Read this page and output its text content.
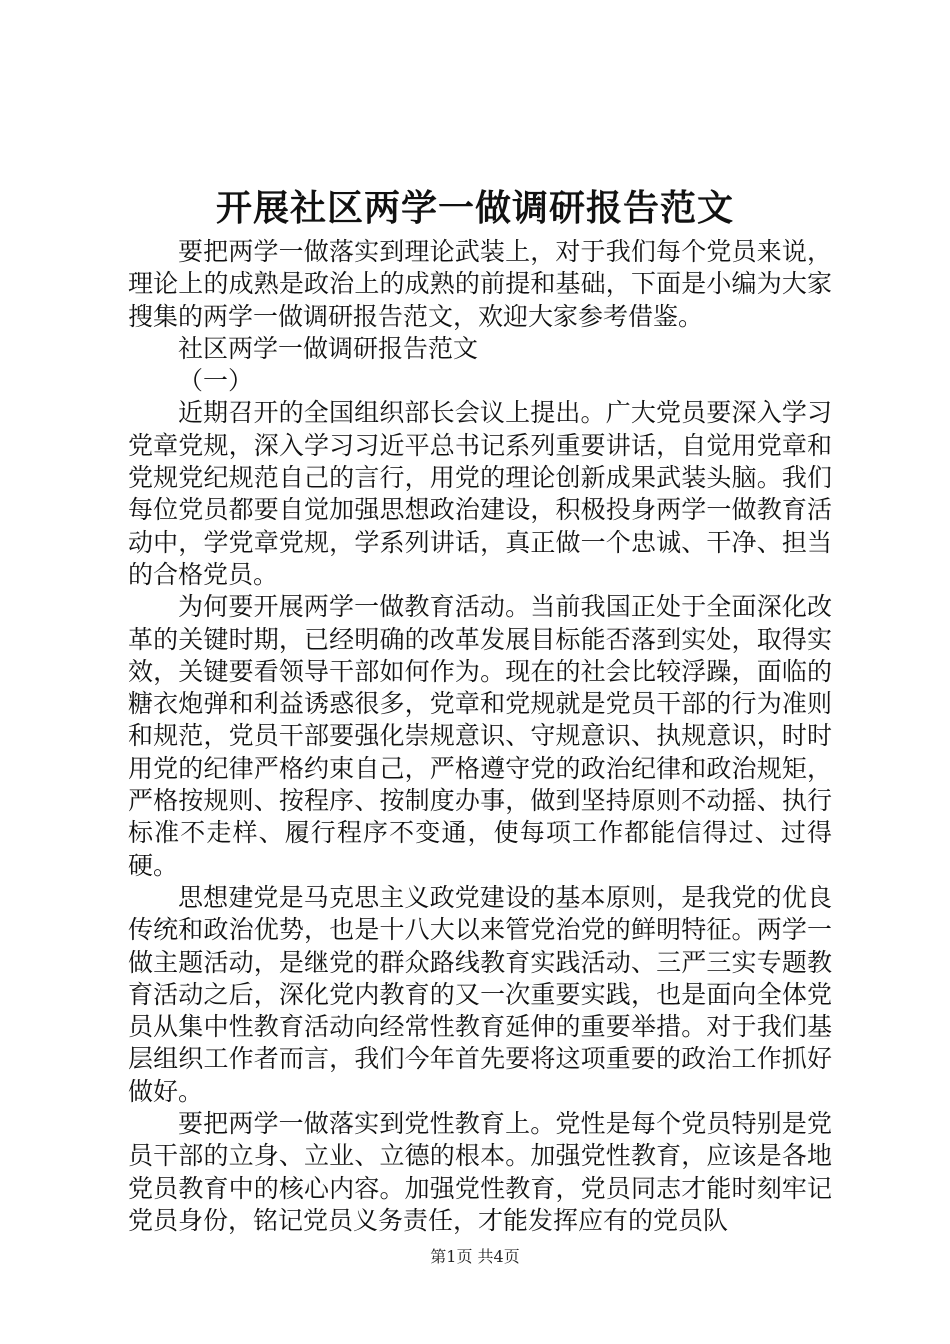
开展社区两学一做调研报告范文

要把两学一做落实到理论武装上，对于我们每个党员来说，理论上的成熟是政治上的成熟的前提和基础，下面是小编为大家搜集的两学一做调研报告范文，欢迎大家参考借鉴。

社区两学一做调研报告范文

（一）

近期召开的全国组织部长会议上提出。广大党员要深入学习党章党规，深入学习习近平总书记系列重要讲话，自觉用党章和党规党纪规范自己的言行，用党的理论创新成果武装头脑。我们每位党员都要自觉加强思想政治建设，积极投身两学一做教育活动中，学党章党规，学系列讲话，真正做一个忠诚、干净、担当的合格党员。

为何要开展两学一做教育活动。当前我国正处于全面深化改革的关键时期，已经明确的改革发展目标能否落到实处，取得实效，关键要看领导干部如何作为。现在的社会比较浮躁，面临的糖衣炮弹和利益诱惑很多，党章和党规就是党员干部的行为准则和规范，党员干部要强化崇规意识、守规意识、执规意识，时时用党的纪律严格约束自己，严格遵守党的政治纪律和政治规矩，严格按规则、按程序、按制度办事，做到坚持原则不动摇、执行标准不走样、履行程序不变通，使每项工作都能信得过、过得硬。

思想建党是马克思主义政党建设的基本原则，是我党的优良传统和政治优势，也是十八大以来管党治党的鲜明特征。两学一做主题活动，是继党的群众路线教育实践活动、三严三实专题教育活动之后，深化党内教育的又一次重要实践，也是面向全体党员从集中性教育活动向经常性教育延伸的重要举措。对于我们基层组织工作者而言，我们今年首先要将这项重要的政治工作抓好做好。

要把两学一做落实到党性教育上。党性是每个党员特别是党员干部的立身、立业、立德的根本。加强党性教育，应该是各地党员教育中的核心内容。加强党性教育，党员同志才能时刻牢记党员身份，铭记党员义务责任，才能发挥应有的党员队

第1页 共4页
